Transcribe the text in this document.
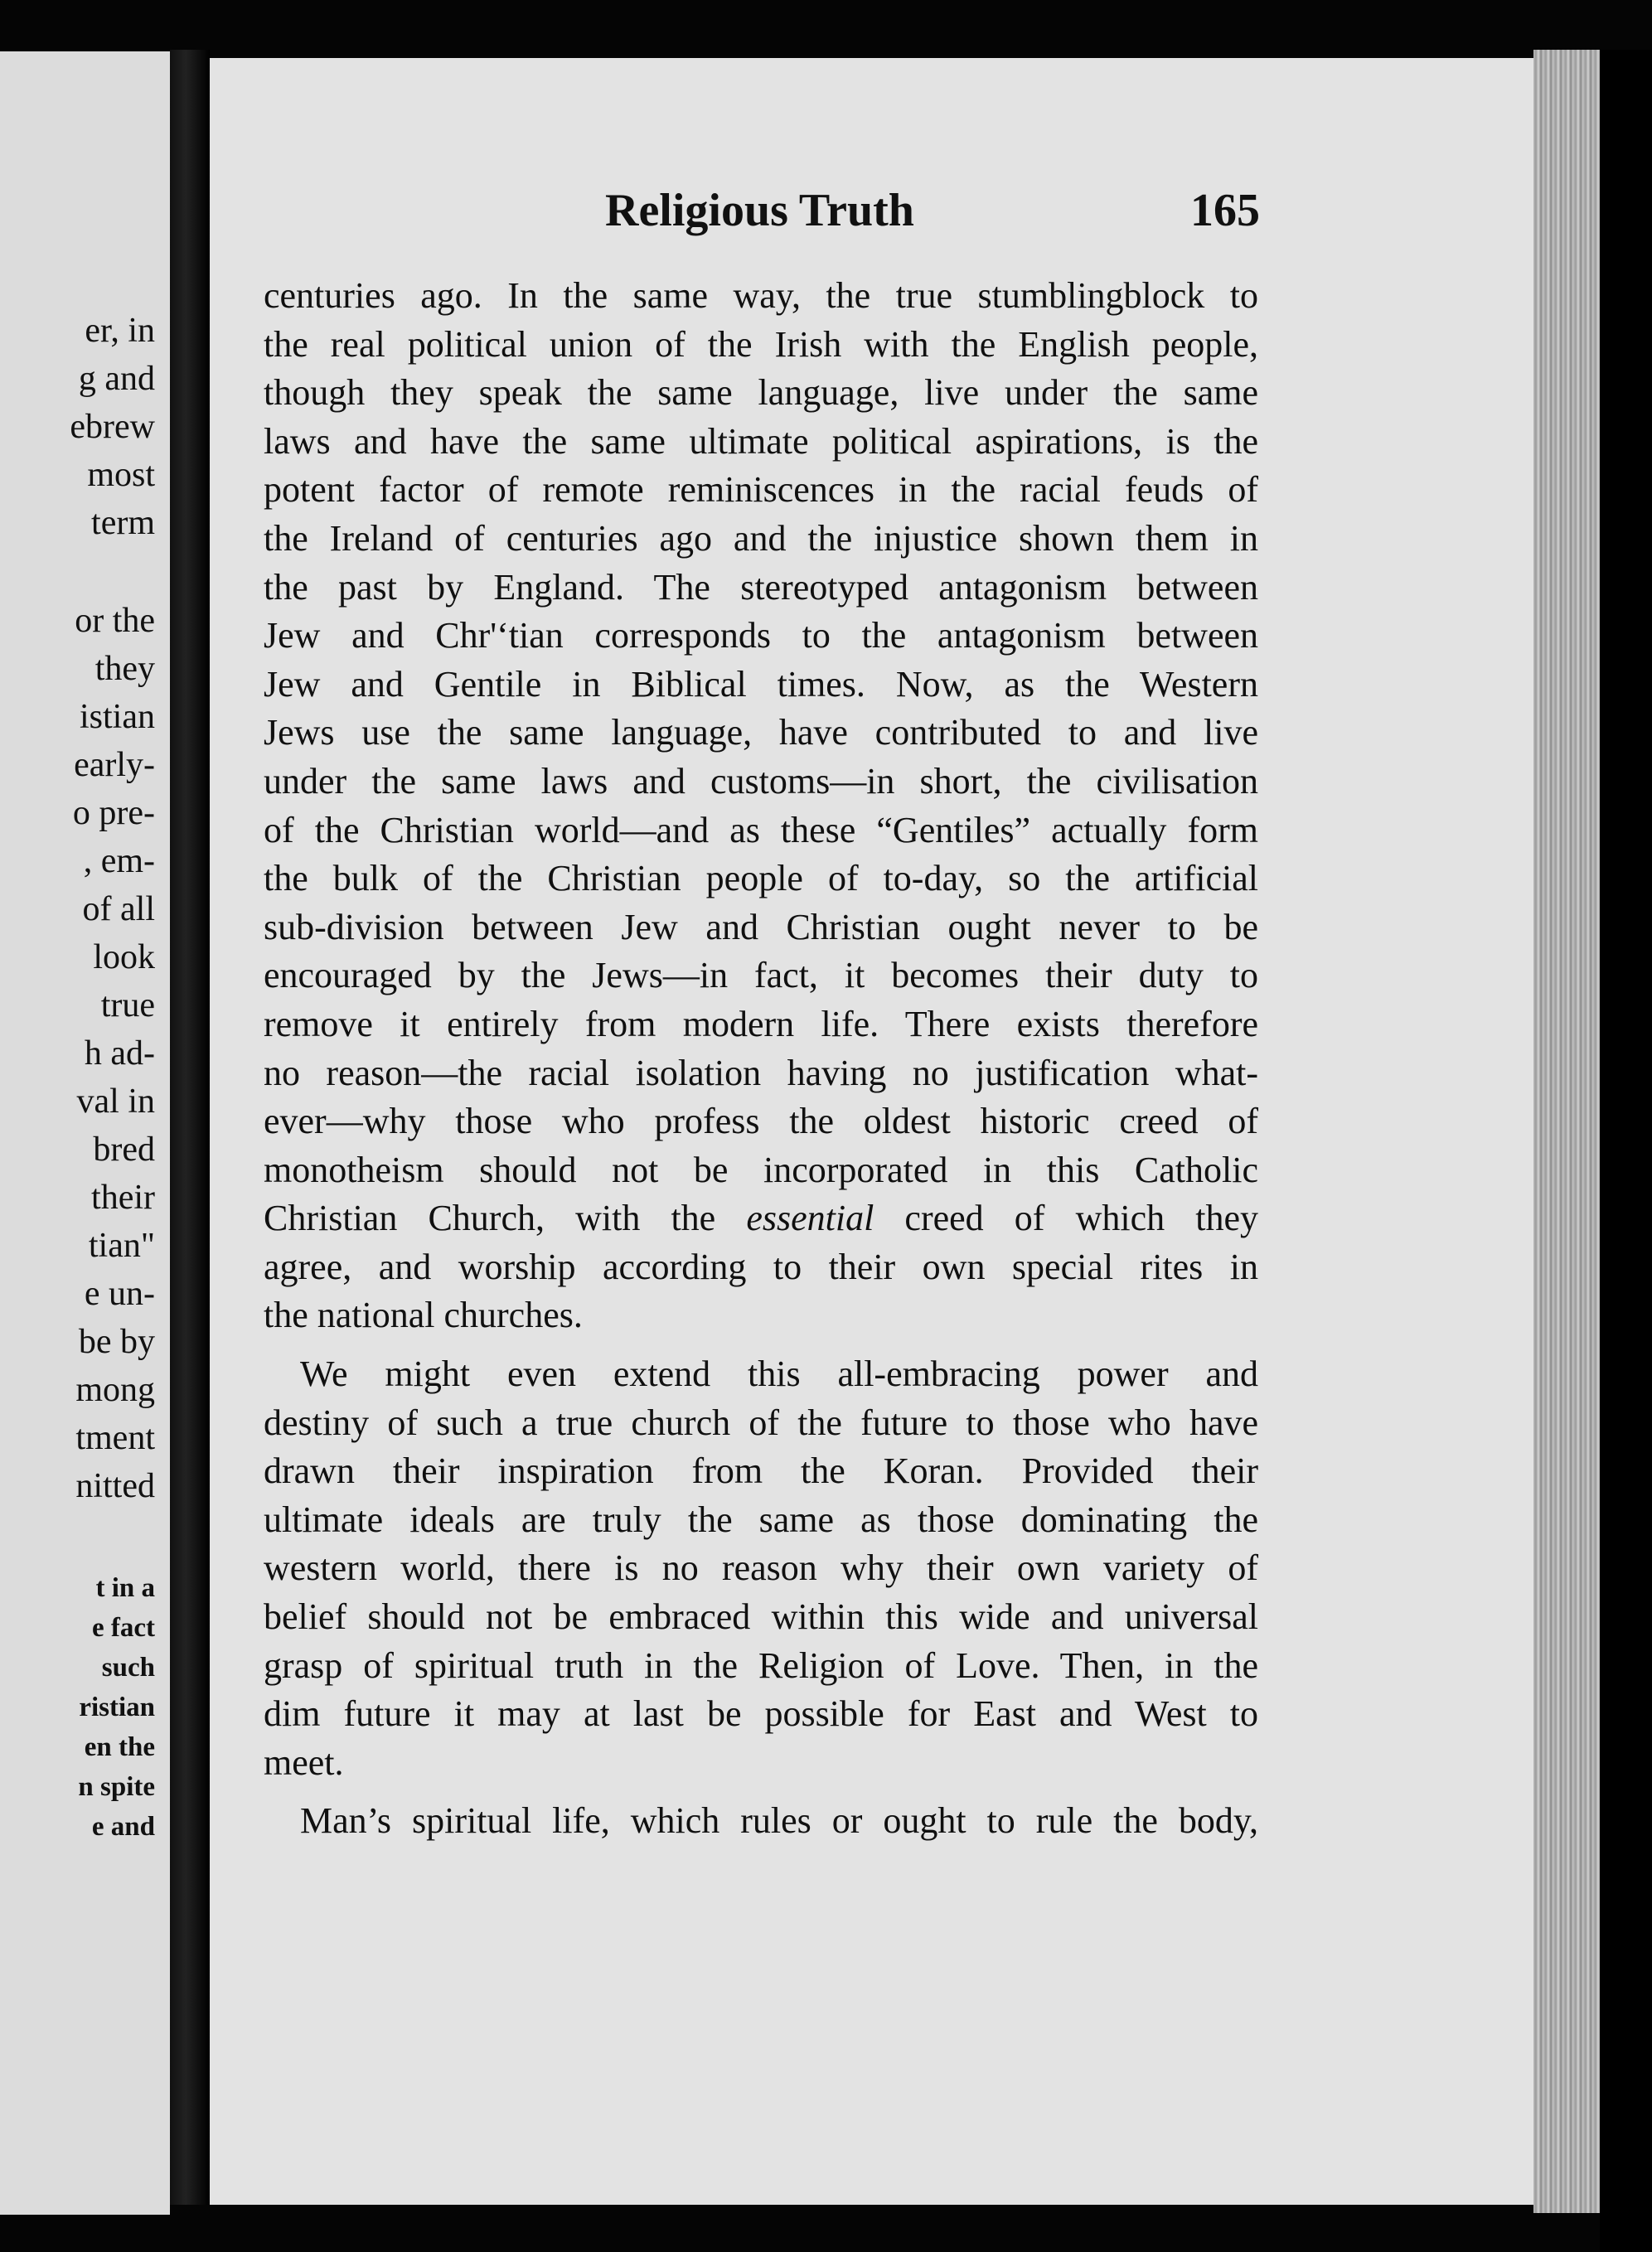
er, in
g and
ebrew
most
term
or the
they
istian
early-
o pre-
, em-
of all
look
true
h ad-
val in
bred
their
tian"
e un-
be by
mong
tment
nitted
t in a
e fact
such
ristian
en the
n spite
e and
Religious Truth	165
centuries ago. In the same way, the true stumblingblock to
the real political union of the Irish with the English people,
though they speak the same language, live under the same
laws and have the same ultimate political aspirations, is the
potent factor of remote reminiscences in the racial feuds of
the Ireland of centuries ago and the injustice shown them in
the past by England. The stereotyped antagonism between
Jew and Chr'‘tian corresponds to the antagonism between
Jew and Gentile in Biblical times. Now, as the Western
Jews use the same language, have contributed to and live
under the same laws and customs—in short, the civilisation
of the Christian world—and as these “Gentiles” actually form
the bulk of the Christian people of to-day, so the artificial
sub-division between Jew and Christian ought never to be
encouraged by the Jews—in fact, it becomes their duty to
remove it entirely from modern life. There exists therefore
no reason—the racial isolation having no justification what-
ever—why those who profess the oldest historic creed of
monotheism should not be incorporated in this Catholic
Christian Church, with the essential creed of which they
agree, and worship according to their own special rites in
the national churches.
We might even extend this all-embracing power and
destiny of such a true church of the future to those who have
drawn their inspiration from the Koran. Provided their
ultimate ideals are truly the same as those dominating the
western world, there is no reason why their own variety of
belief should not be embraced within this wide and universal
grasp of spiritual truth in the Religion of Love. Then, in the
dim future it may at last be possible for East and West to
meet.
Man’s spiritual life, which rules or ought to rule the body,
